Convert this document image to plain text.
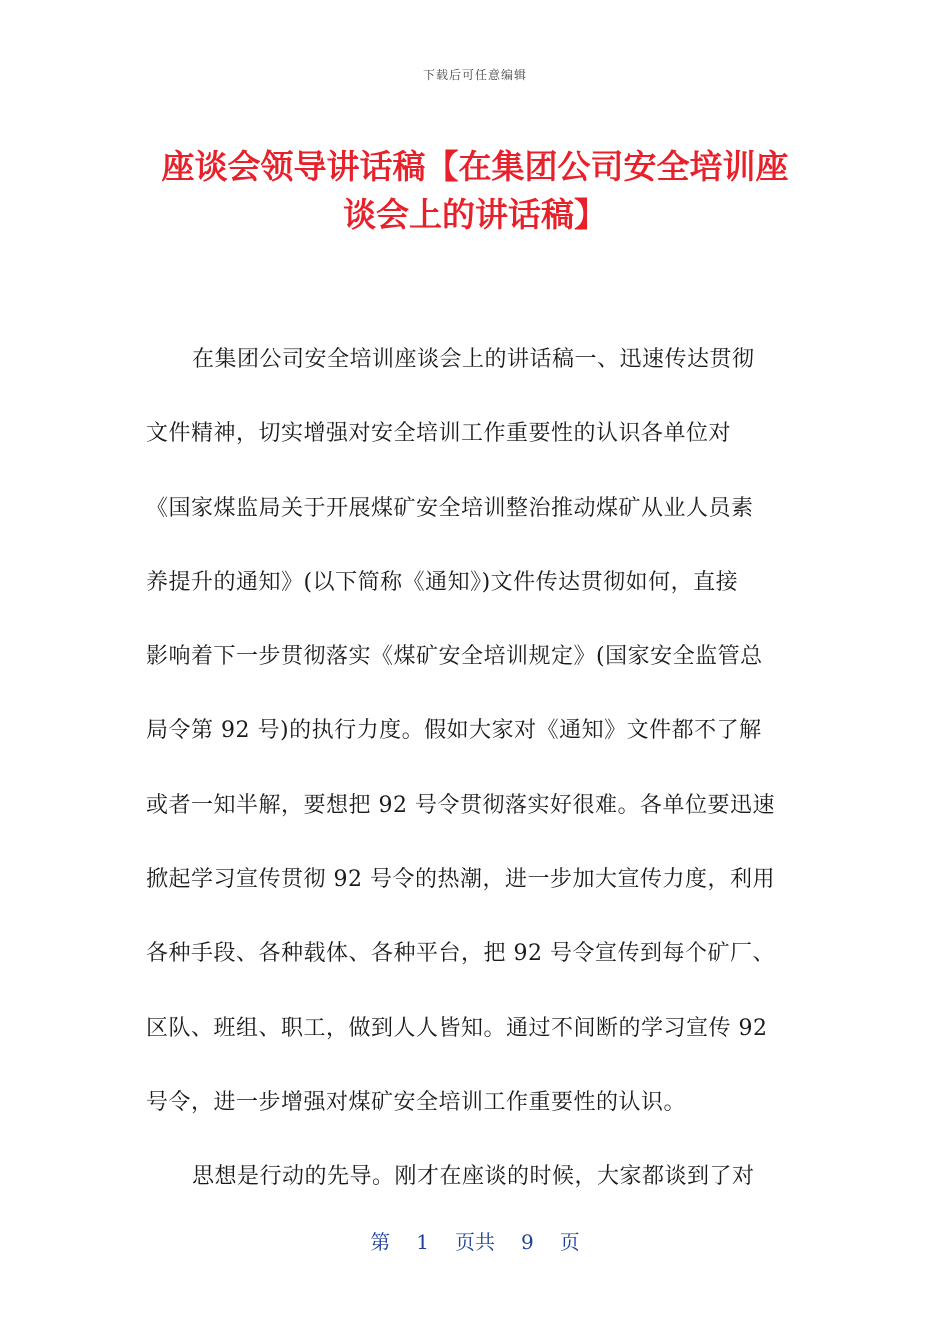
下载后可任意编辑
座谈会领导讲话稿【在集团公司安全培训座
谈会上的讲话稿】
在集团公司安全培训座谈会上的讲话稿一、迅速传达贯彻
文件精神，切实增强对安全培训工作重要性的认识各单位对
《国家煤监局关于开展煤矿安全培训整治推动煤矿从业人员素
养提升的通知》(以下简称《通知》)文件传达贯彻如何，直接
影响着下一步贯彻落实《煤矿安全培训规定》(国家安全监管总
局令第 92 号)的执行力度。假如大家对《通知》文件都不了解
或者一知半解，要想把 92 号令贯彻落实好很难。各单位要迅速
掀起学习宣传贯彻 92 号令的热潮，进一步加大宣传力度，利用
各种手段、各种载体、各种平台，把 92 号令宣传到每个矿厂、
区队、班组、职工，做到人人皆知。通过不间断的学习宣传 92
号令，进一步增强对煤矿安全培训工作重要性的认识。
思想是行动的先导。刚才在座谈的时候，大家都谈到了对
第 1 页共 9 页
